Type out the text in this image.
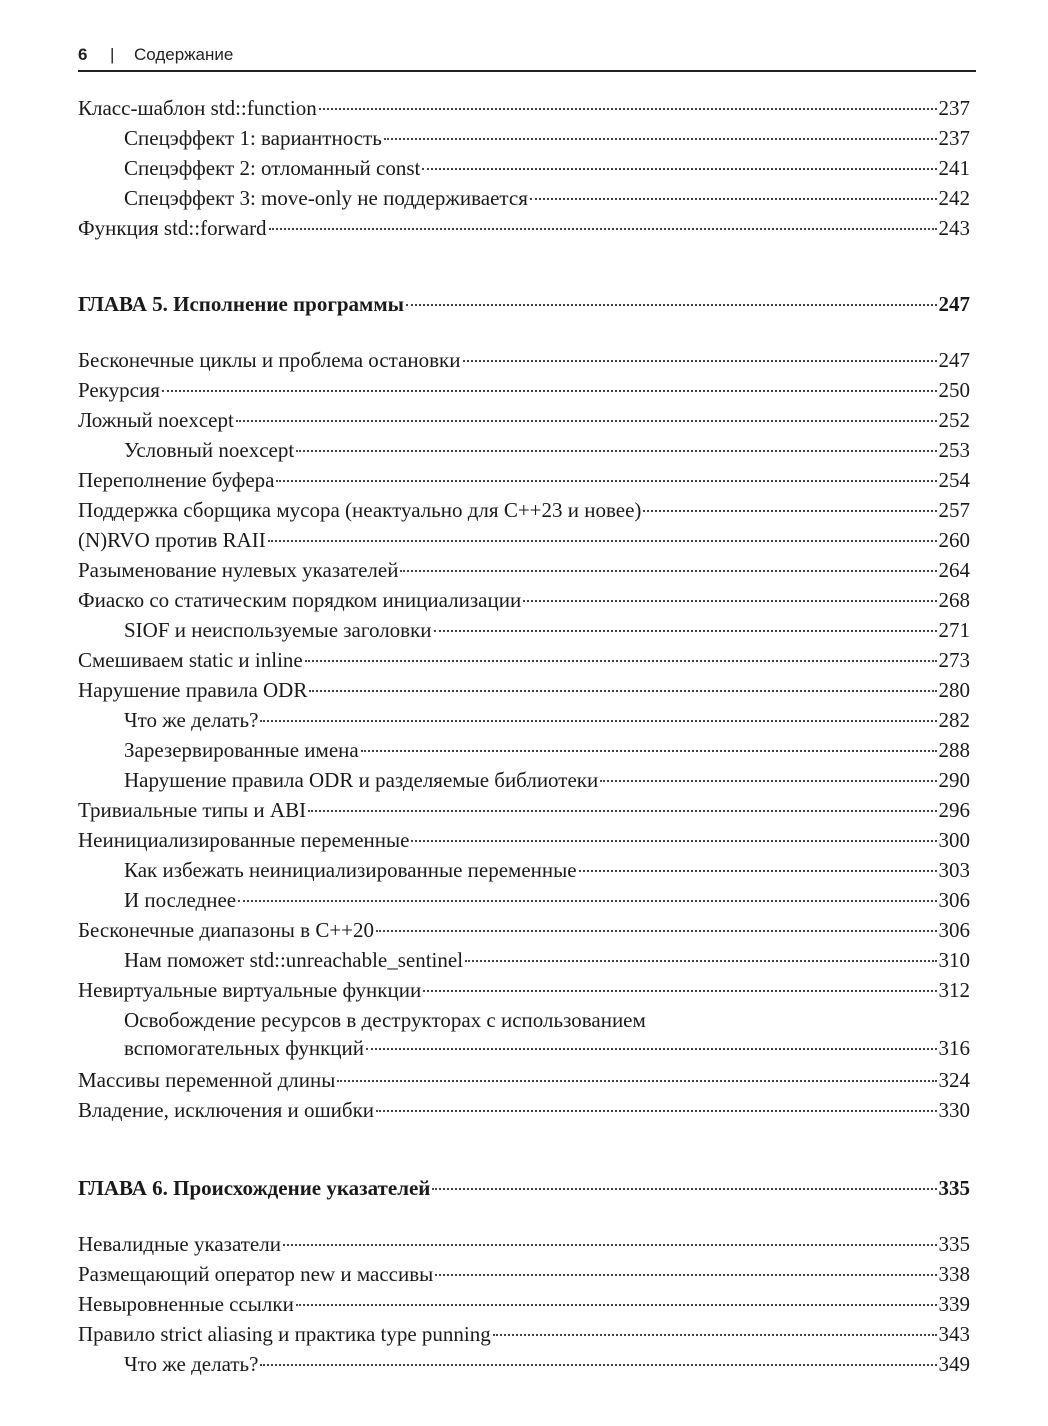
6 | Содержание
Класс-шаблон std::function	237
Спецэффект 1: вариантность	237
Спецэффект 2: отломанный const	241
Спецэффект 3: move-only не поддерживается	242
Функция std::forward	243
ГЛАВА 5. Исполнение программы	247
Бесконечные циклы и проблема остановки	247
Рекурсия	250
Ложный noexcept	252
Условный noexcept	253
Переполнение буфера	254
Поддержка сборщика мусора (неактуально для C++23 и новее)	257
(N)RVO против RAII	260
Разыменование нулевых указателей	264
Фиаско со статическим порядком инициализации	268
SIOF и неиспользуемые заголовки	271
Смешиваем static и inline	273
Нарушение правила ODR	280
Что же делать?	282
Зарезервированные имена	288
Нарушение правила ODR и разделяемые библиотеки	290
Тривиальные типы и ABI	296
Неинициализированные переменные	300
Как избежать неинициализированные переменные	303
И последнее	306
Бесконечные диапазоны в C++20	306
Нам поможет std::unreachable_sentinel	310
Невиртуальные виртуальные функции	312
Освобождение ресурсов в деструкторах с использованием
вспомогательных функций	316
Массивы переменной длины	324
Владение, исключения и ошибки	330
ГЛАВА 6. Происхождение указателей	335
Невалидные указатели	335
Размещающий оператор new и массивы	338
Невыровненные ссылки	339
Правило strict aliasing и практика type punning	343
Что же делать?	349
